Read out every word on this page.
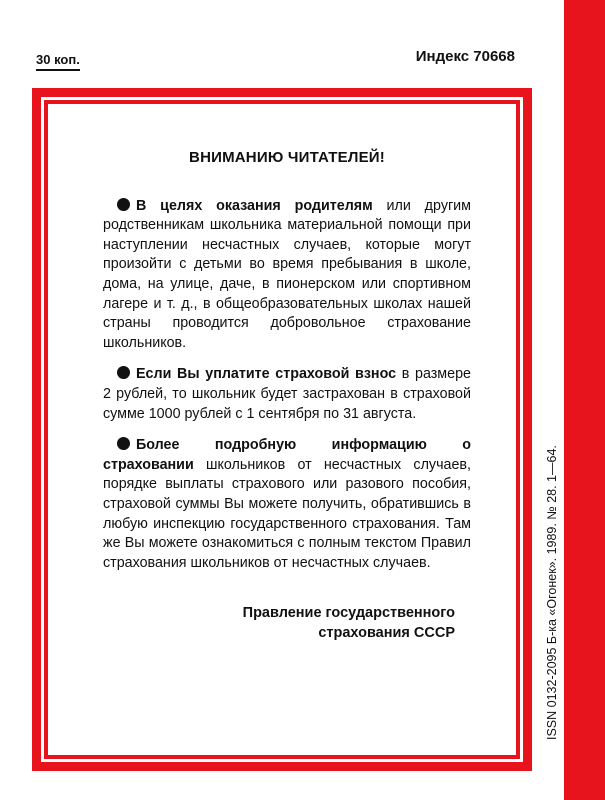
30 коп.	Индекс 70668
ВНИМАНИЮ ЧИТАТЕЛЕЙ!

В целях оказания родителям или другим родственникам школьника материальной помощи при наступлении несчастных случаев, которые могут произойти с детьми во время пребывания в школе, дома, на улице, даче, в пионерском или спортивном лагере и т. д., в общеобразовательных школах нашей страны проводится добровольное страхование школьников.

Если Вы уплатите страховой взнос в размере 2 рублей, то школьник будет застрахован в страховой сумме 1000 рублей с 1 сентября по 31 августа.

Более подробную информацию о страховании школьников от несчастных случаев, порядке выплаты страхового или разового пособия, страховой суммы Вы можете получить, обратившись в любую инспекцию государственного страхования. Там же Вы можете ознакомиться с полным текстом Правил страхования школьников от несчастных случаев.

Правление государственного
страхования СССР	ISSN 0132-2095 Б-ка «Огонек». 1989. № 28. 1—64.
